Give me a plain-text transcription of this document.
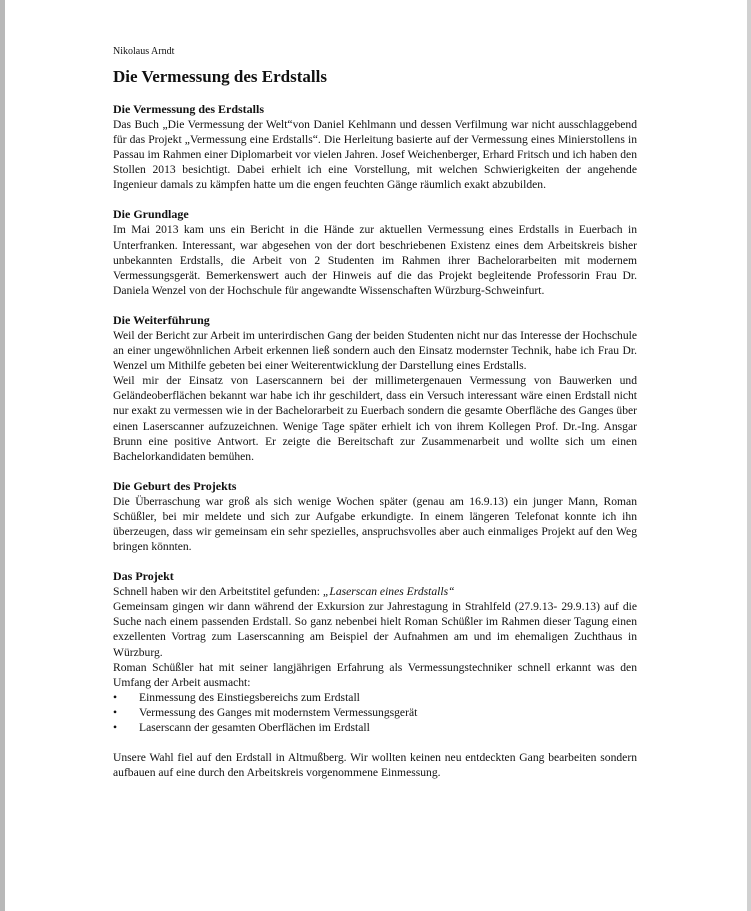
Nikolaus Arndt

Die Vermessung des Erdstalls

Die Vermessung des Erdstalls

Das Buch „Die Vermessung der Welt“von Daniel Kehlmann und dessen Verfilmung war nicht ausschlaggebend für das Projekt „Vermessung eine Erdstalls“. Die Herleitung basierte auf der Vermessung eines Minierstollens in Passau im Rahmen einer Diplomarbeit vor vielen Jahren. Josef Weichenberger, Erhard Fritsch und ich haben den Stollen 2013 besichtigt. Dabei erhielt ich eine Vorstellung, mit welchen Schwierigkeiten der angehende Ingenieur damals zu kämpfen hatte um die engen feuchten Gänge räumlich exakt abzubilden.

Die Grundlage

Im Mai 2013 kam uns ein Bericht in die Hände zur aktuellen Vermessung eines Erdstalls in Euerbach in Unterfranken. Interessant, war abgesehen von der dort beschriebenen Existenz eines dem Arbeitskreis bisher unbekannten Erdstalls, die Arbeit von 2 Studenten im Rahmen ihrer Bachelorarbeiten mit modernem Vermessungsgerät. Bemerkenswert auch der Hinweis auf die das Projekt begleitende Professorin Frau Dr. Daniela Wenzel von der Hochschule für angewandte Wissenschaften Würzburg-Schweinfurt.

Die Weiterführung

Weil der Bericht zur Arbeit im unterirdischen Gang der beiden Studenten nicht nur das Interesse der Hochschule an einer ungewöhnlichen Arbeit erkennen ließ sondern auch den Einsatz modernster Technik, habe ich Frau Dr. Wenzel um Mithilfe gebeten bei einer Weiterentwicklung der Darstellung eines Erdstalls.

Weil mir der Einsatz von Laserscannern bei der millimetergenauen Vermessung von Bauwerken und Geländeoberflächen bekannt war habe ich ihr geschildert, dass ein Versuch interessant wäre einen Erdstall nicht nur exakt zu vermessen wie in der Bachelorarbeit zu Euerbach sondern die gesamte Oberfläche des Ganges über einen Laserscanner aufzuzeichnen. Wenige Tage später erhielt ich von ihrem Kollegen Prof. Dr.-Ing. Ansgar Brunn eine positive Antwort. Er zeigte die Bereitschaft zur Zusammenarbeit und wollte sich um einen Bachelorkandidaten bemühen.

Die Geburt des Projekts

Die Überraschung war groß als sich wenige Wochen später (genau am 16.9.13) ein junger Mann, Roman Schüßler, bei mir meldete und sich zur Aufgabe erkundigte. In einem längeren Telefonat konnte ich ihn überzeugen, dass wir gemeinsam ein sehr spezielles, anspruchsvolles aber auch einmaliges Projekt auf den Weg bringen könnten.

Das Projekt

Schnell haben wir den Arbeitstitel gefunden: „Laserscan eines Erdstalls“

Gemeinsam gingen wir dann während der Exkursion zur Jahrestagung in Strahlfeld (27.9.13- 29.9.13) auf die Suche nach einem passenden Erdstall. So ganz nebenbei hielt Roman Schüßler im Rahmen dieser Tagung einen exzellenten Vortrag zum Laserscanning am Beispiel der Aufnahmen am und im ehemaligen Zuchthaus in Würzburg.

Roman Schüßler hat mit seiner langjährigen Erfahrung als Vermessungstechniker schnell erkannt was den Umfang der Arbeit ausmacht:

• Einmessung des Einstiegsbereichs zum Erdstall
• Vermessung des Ganges mit modernstem Vermessungsgerät
• Laserscann der gesamten Oberflächen im Erdstall

Unsere Wahl fiel auf den Erdstall in Altmußberg. Wir wollten keinen neu entdeckten Gang bearbeiten sondern aufbauen auf eine durch den Arbeitskreis vorgenommene Einmessung.
